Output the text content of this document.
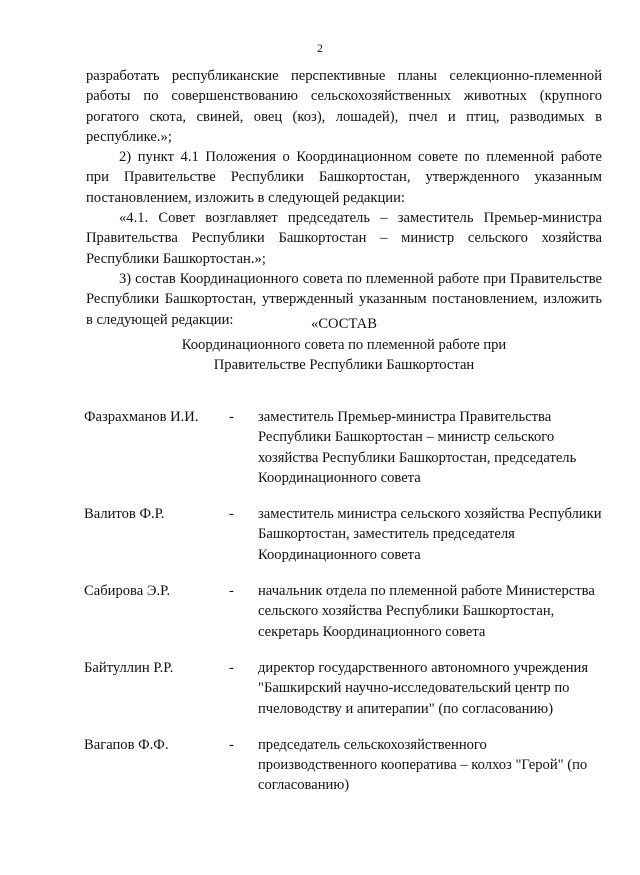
2

разработать республиканские перспективные планы селекционно-племенной работы по совершенствованию сельскохозяйственных животных (крупного рогатого скота, свиней, овец (коз), лошадей), пчел и птиц, разводимых в республике.»;

2) пункт 4.1 Положения о Координационном совете по племенной работе при Правительстве Республики Башкортостан, утвержденного указанным постановлением, изложить в следующей редакции:

«4.1. Совет возглавляет председатель – заместитель Премьер-министра Правительства Республики Башкортостан – министр сельского хозяйства Республики Башкортостан.»;

3) состав Координационного совета по племенной работе при Правительстве Республики Башкортостан, утвержденный указанным постановлением, изложить в следующей редакции:	«СОСТАВ
Координационного совета по племенной работе при
Правительстве Республики Башкортостан
Фазрахманов И.И. - заместитель Премьер-министра Правительства Республики Башкортостан – министр сельского хозяйства Республики Башкортостан, председатель Координационного совета
Валитов Ф.Р.	- заместитель министра сельского хозяйства Республики Башкортостан, заместитель председателя Координационного совета
Сабирова Э.Р.	- начальник отдела по племенной работе Министерства сельского хозяйства Республики Башкортостан, секретарь Координационного совета
Байтуллин Р.Р.	- директор государственного автономного учреждения "Башкирский научно-исследовательский центр по пчеловодству и апитерапии" (по согласованию)
Вагапов Ф.Ф.	- председатель сельскохозяйственного производственного кооператива – колхоз "Герой" (по согласованию)
